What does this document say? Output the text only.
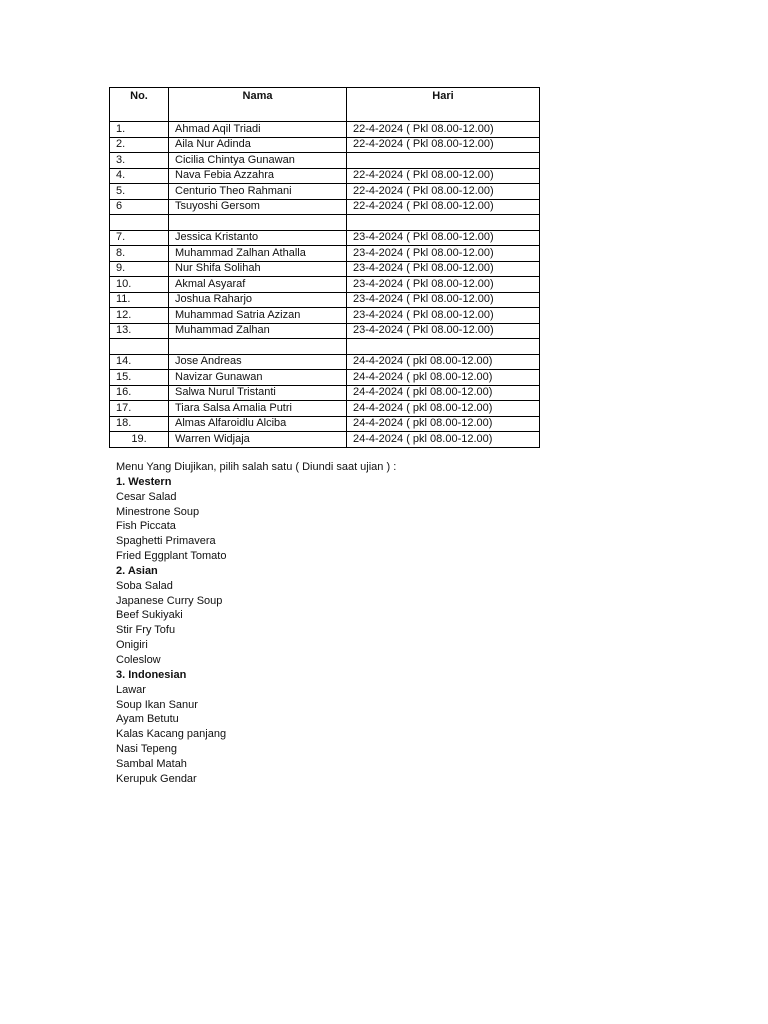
No.	Nama	Hari
1.	Ahmad Aqil Triadi	22-4-2024 ( Pkl 08.00-12.00)
2.	Aila Nur Adinda	22-4-2024 ( Pkl 08.00-12.00)
3.	Cicilia Chintya Gunawan	
4.	Nava Febia Azzahra	22-4-2024 ( Pkl 08.00-12.00)
5.	Centurio Theo Rahmani	22-4-2024 ( Pkl 08.00-12.00)
6	Tsuyoshi Gersom	22-4-2024 ( Pkl 08.00-12.00)

7.	Jessica Kristanto	23-4-2024 ( Pkl 08.00-12.00)
8.	Muhammad Zalhan Athalla	23-4-2024 ( Pkl 08.00-12.00)
9.	Nur Shifa Solihah	23-4-2024 ( Pkl 08.00-12.00)
10.	Akmal Asyaraf	23-4-2024 ( Pkl 08.00-12.00)
11.	Joshua Raharjo	23-4-2024 ( Pkl 08.00-12.00)
12.	Muhammad Satria Azizan	23-4-2024 ( Pkl 08.00-12.00)
13.	Muhammad Zalhan	23-4-2024 ( Pkl 08.00-12.00)

14.	Jose Andreas	24-4-2024 ( pkl 08.00-12.00)
15.	Navizar Gunawan	24-4-2024 ( pkl 08.00-12.00)
16.	Salwa Nurul Tristanti	24-4-2024 ( pkl 08.00-12.00)
17.	Tiara Salsa Amalia Putri	24-4-2024 ( pkl 08.00-12.00)
18.	Almas Alfaroidlu Alciba	24-4-2024 ( pkl 08.00-12.00)
19.	Warren Widjaja	24-4-2024 ( pkl 08.00-12.00)
Menu Yang Diujikan, pilih salah satu ( Diundi saat ujian ) :
1. Western
Cesar Salad
Minestrone Soup
Fish Piccata
Spaghetti Primavera
Fried Eggplant Tomato
2. Asian
Soba Salad
Japanese Curry Soup
Beef Sukiyaki
Stir Fry Tofu
Onigiri
Coleslow
3. Indonesian
Lawar
Soup Ikan Sanur
Ayam Betutu
Kalas Kacang panjang
Nasi Tepeng
Sambal Matah
Kerupuk Gendar
